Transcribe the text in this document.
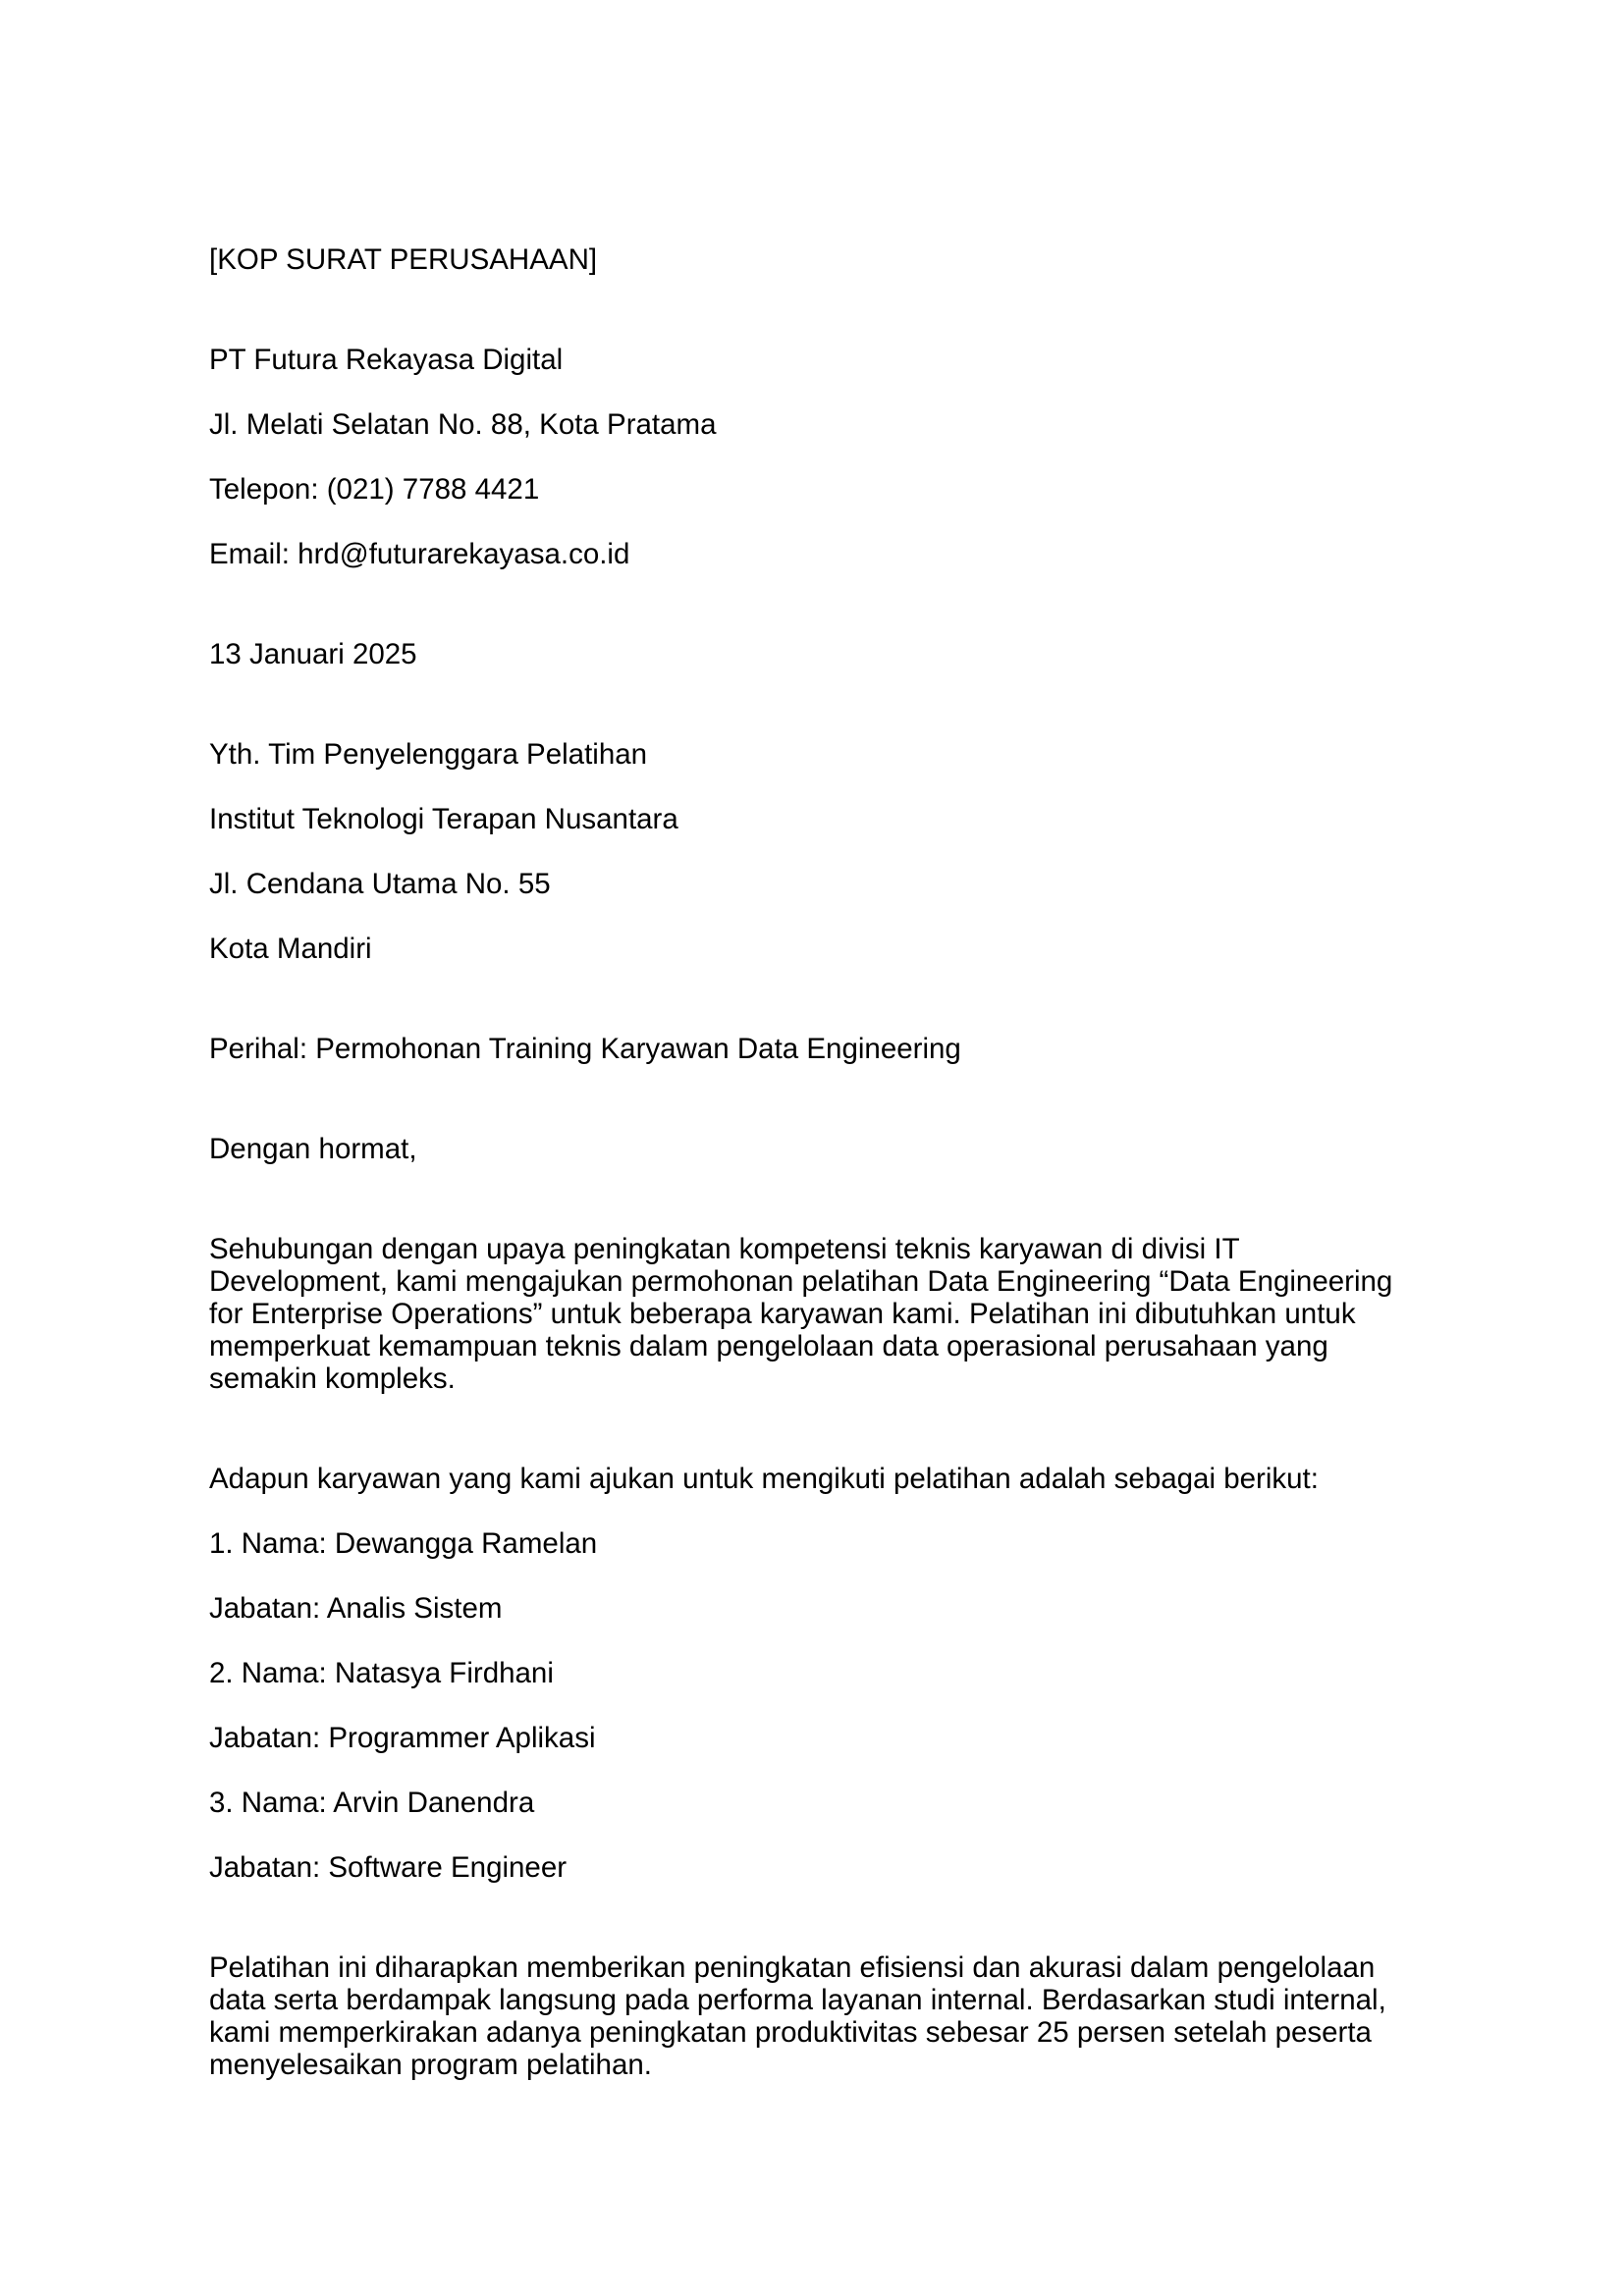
[KOP SURAT PERUSAHAAN]

PT Futura Rekayasa Digital

Jl. Melati Selatan No. 88, Kota Pratama

Telepon: (021) 7788 4421

Email: hrd@futurarekayasa.co.id

13 Januari 2025

Yth. Tim Penyelenggara Pelatihan

Institut Teknologi Terapan Nusantara

Jl. Cendana Utama No. 55

Kota Mandiri

Perihal: Permohonan Training Karyawan Data Engineering

Dengan hormat,

Sehubungan dengan upaya peningkatan kompetensi teknis karyawan di divisi IT Development, kami mengajukan permohonan pelatihan Data Engineering “Data Engineering for Enterprise Operations” untuk beberapa karyawan kami. Pelatihan ini dibutuhkan untuk memperkuat kemampuan teknis dalam pengelolaan data operasional perusahaan yang semakin kompleks.

Adapun karyawan yang kami ajukan untuk mengikuti pelatihan adalah sebagai berikut:

1. Nama: Dewangga Ramelan

Jabatan: Analis Sistem

2. Nama: Natasya Firdhani

Jabatan: Programmer Aplikasi

3. Nama: Arvin Danendra

Jabatan: Software Engineer

Pelatihan ini diharapkan memberikan peningkatan efisiensi dan akurasi dalam pengelolaan data serta berdampak langsung pada performa layanan internal. Berdasarkan studi internal, kami memperkirakan adanya peningkatan produktivitas sebesar 25 persen setelah peserta menyelesaikan program pelatihan.
